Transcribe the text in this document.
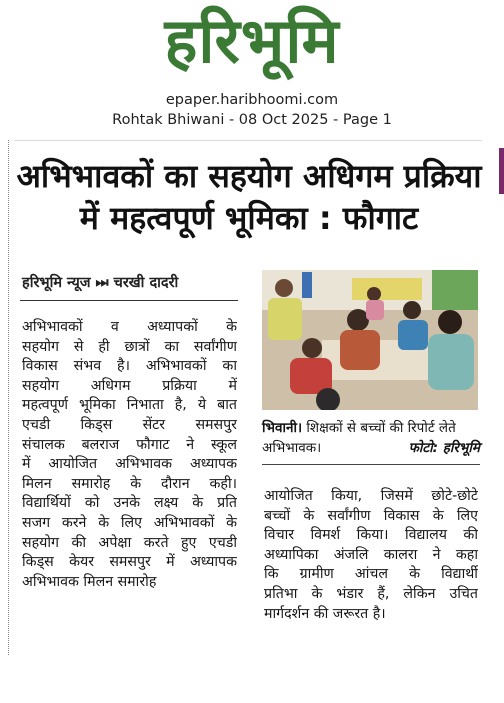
हरिभूमि
epaper.haribhoomi.com
Rohtak Bhiwani - 08 Oct 2025 - Page 1
अभिभावकों का सहयोग अधिगम प्रक्रिया
में महत्वपूर्ण भूमिका : फौगाट
हरिभूमि न्यूज ⏭ चरखी दादरी
अभिभावकों व अध्यापकों के
सहयोग से ही छात्रों का सर्वांगीण
विकास संभव है। अभिभावकों का
सहयोग अधिगम प्रक्रिया में
महत्वपूर्ण भूमिका निभाता है, ये बात
एचडी किड्स सेंटर समसपुर
संचालक बलराज फौगाट ने स्कूल
में आयोजित अभिभावक अध्यापक
मिलन समारोह के दौरान कही।
विद्यार्थियों को उनके लक्ष्य के प्रति
सजग करने के लिए अभिभावकों के
सहयोग की अपेक्षा करते हुए एचडी
किड्स केयर समसपुर में अध्यापक
अभिभावक मिलन समारोह
भिवानी। शिक्षकों से बच्चों की रिपोर्ट लेते अभिभावक।	फोटो: हरिभूमि
आयोजित किया, जिसमें छोटे-छोटे
बच्चों के सर्वांगीण विकास के लिए
विचार विमर्श किया। विद्यालय की
अध्यापिका अंजलि कालरा ने कहा
कि ग्रामीण आंचल के विद्यार्थी
प्रतिभा के भंडार हैं, लेकिन उचित
मार्गदर्शन की जरूरत है।
